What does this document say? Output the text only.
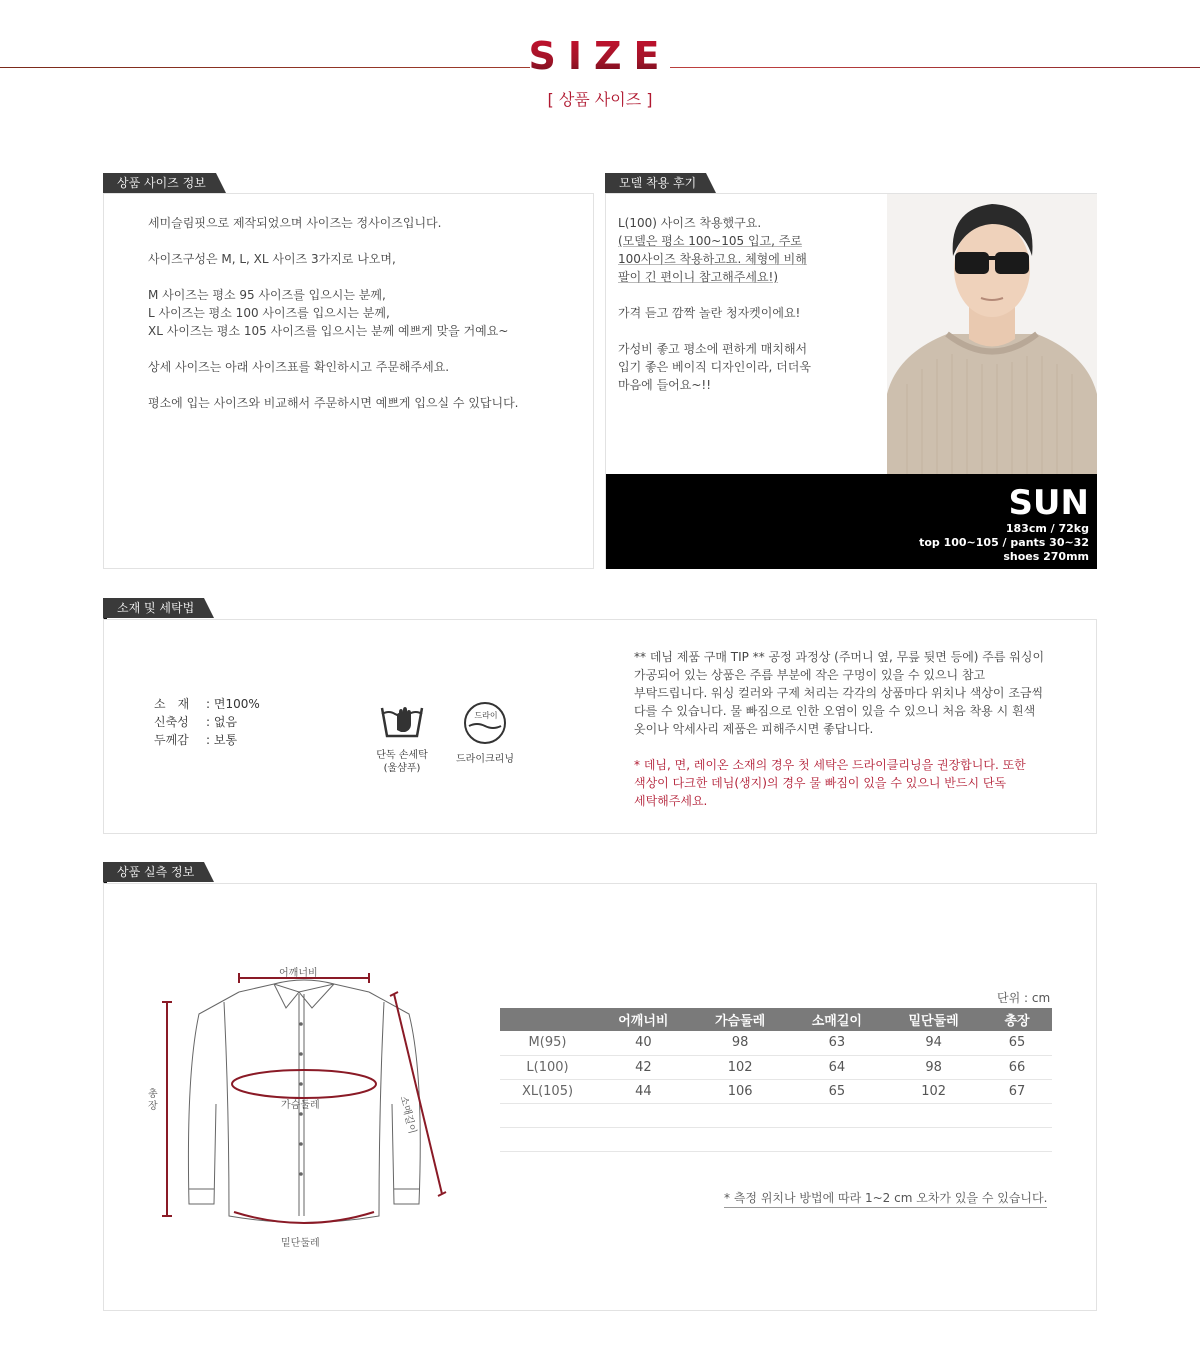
SIZE
[ 상품 사이즈 ]
상품 사이즈 정보

세미슬림핏으로 제작되었으며 사이즈는 정사이즈입니다.

사이즈구성은 M, L, XL 사이즈 3가지로 나오며,

M 사이즈는 평소 95 사이즈를 입으시는 분께,

L 사이즈는 평소 100 사이즈를 입으시는 분께,

XL 사이즈는 평소 105 사이즈를 입으시는 분께 예쁘게 맞을 거예요~

상세 사이즈는 아래 사이즈표를 확인하시고 주문해주세요.

평소에 입는 사이즈와 비교해서 주문하시면 예쁘게 입으실 수 있답니다.

모델 착용 후기

L(100) 사이즈 착용했구요.

(모델은 평소 100~105 입고, 주로

100사이즈 착용하고요. 체형에 비해

팔이 긴 편이니 참고해주세요!)

가격 듣고 깜짝 놀란 청자켓이에요!

가성비 좋고 평소에 편하게 매치해서

입기 좋은 베이직 디자인이라, 더더욱

마음에 들어요~!!

SUN
183cm / 72kg
top 100~105 / pants 30~32
shoes 270mm
소재 및 세탁법
소　재 : 면100%
신축성 : 없음
두께감 : 보통
단독 손세탁
(울샴푸)
드라이
드라이크리닝

** 데님 제품 구매 TIP ** 공정 과정상 (주머니 옆, 무릎 뒷면 등에) 주름 워싱이

가공되어 있는 상품은 주름 부분에 작은 구멍이 있을 수 있으니 참고

부탁드립니다. 워싱 컬러와 구제 처리는 각각의 상품마다 위치나 색상이 조금씩

다를 수 있습니다. 물 빠짐으로 인한 오염이 있을 수 있으니 처음 착용 시 흰색

옷이나 악세사리 제품은 피해주시면 좋답니다.

* 데님, 면, 레이온 소재의 경우 첫 세탁은 드라이클리닝을 권장합니다. 또한

색상이 다크한 데님(생지)의 경우 물 빠짐이 있을 수 있으니 반드시 단독

세탁해주세요.

상품 실측 정보
어깨너비
가슴둘레
총장	소매길이
밑단둘레
단위 : cm
	어깨너비	가슴둘레	소매길이	밑단둘레	총장
M(95)	40	98	63	94	65
L(100)	42	102	64	98	66
XL(105)	44	106	65	102	67

* 측정 위치나 방법에 따라 1~2 cm 오차가 있을 수 있습니다.
